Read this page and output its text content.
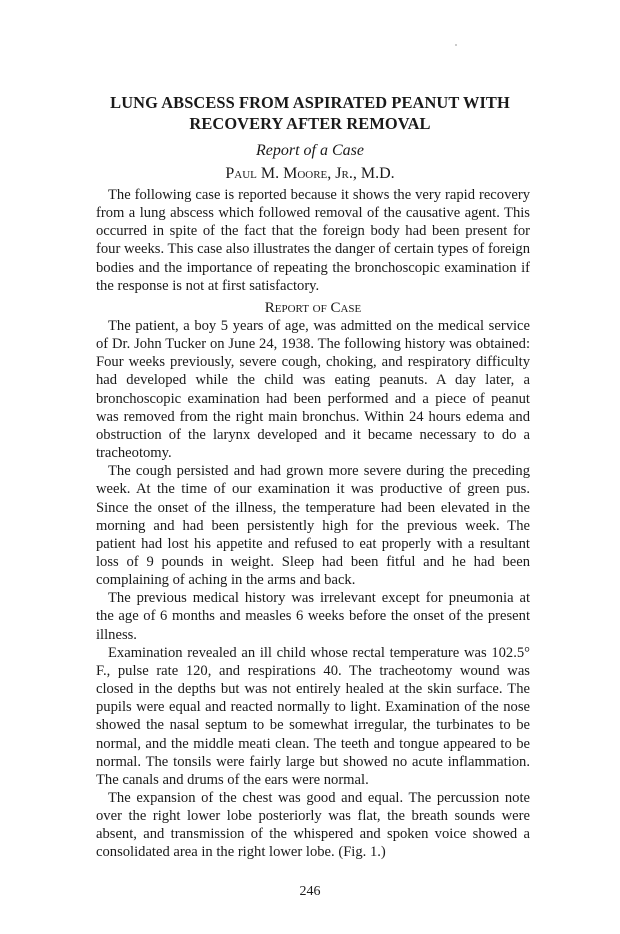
LUNG ABSCESS FROM ASPIRATED PEANUT WITH
RECOVERY AFTER REMOVAL
Report of a Case
Paul M. Moore, Jr., M.D.

The following case is reported because it shows the very rapid recovery from a lung abscess which followed removal of the causative agent. This occurred in spite of the fact that the foreign body had been present for four weeks. This case also illustrates the danger of certain types of foreign bodies and the importance of repeating the bronchoscopic examination if the response is not at first satisfactory.

Report of Case

The patient, a boy 5 years of age, was admitted on the medical service of Dr. John Tucker on June 24, 1938. The following history was obtained: Four weeks previously, severe cough, choking, and respiratory difficulty had developed while the child was eating peanuts. A day later, a bronchoscopic examination had been performed and a piece of peanut was removed from the right main bronchus. Within 24 hours edema and obstruction of the larynx developed and it became necessary to do a tracheotomy.

The cough persisted and had grown more severe during the preceding week. At the time of our examination it was productive of green pus. Since the onset of the illness, the temperature had been elevated in the morning and had been persistently high for the previous week. The patient had lost his appetite and refused to eat properly with a resultant loss of 9 pounds in weight. Sleep had been fitful and he had been complaining of aching in the arms and back.

The previous medical history was irrelevant except for pneumonia at the age of 6 months and measles 6 weeks before the onset of the present illness.

Examination revealed an ill child whose rectal temperature was 102.5° F., pulse rate 120, and respirations 40. The tracheotomy wound was closed in the depths but was not entirely healed at the skin surface. The pupils were equal and reacted normally to light. Examination of the nose showed the nasal septum to be somewhat irregular, the turbinates to be normal, and the middle meati clean. The teeth and tongue appeared to be normal. The tonsils were fairly large but showed no acute inflammation. The canals and drums of the ears were normal.

The expansion of the chest was good and equal. The percussion note over the right lower lobe posteriorly was flat, the breath sounds were absent, and transmission of the whispered and spoken voice showed a consolidated area in the right lower lobe. (Fig. 1.)

246
